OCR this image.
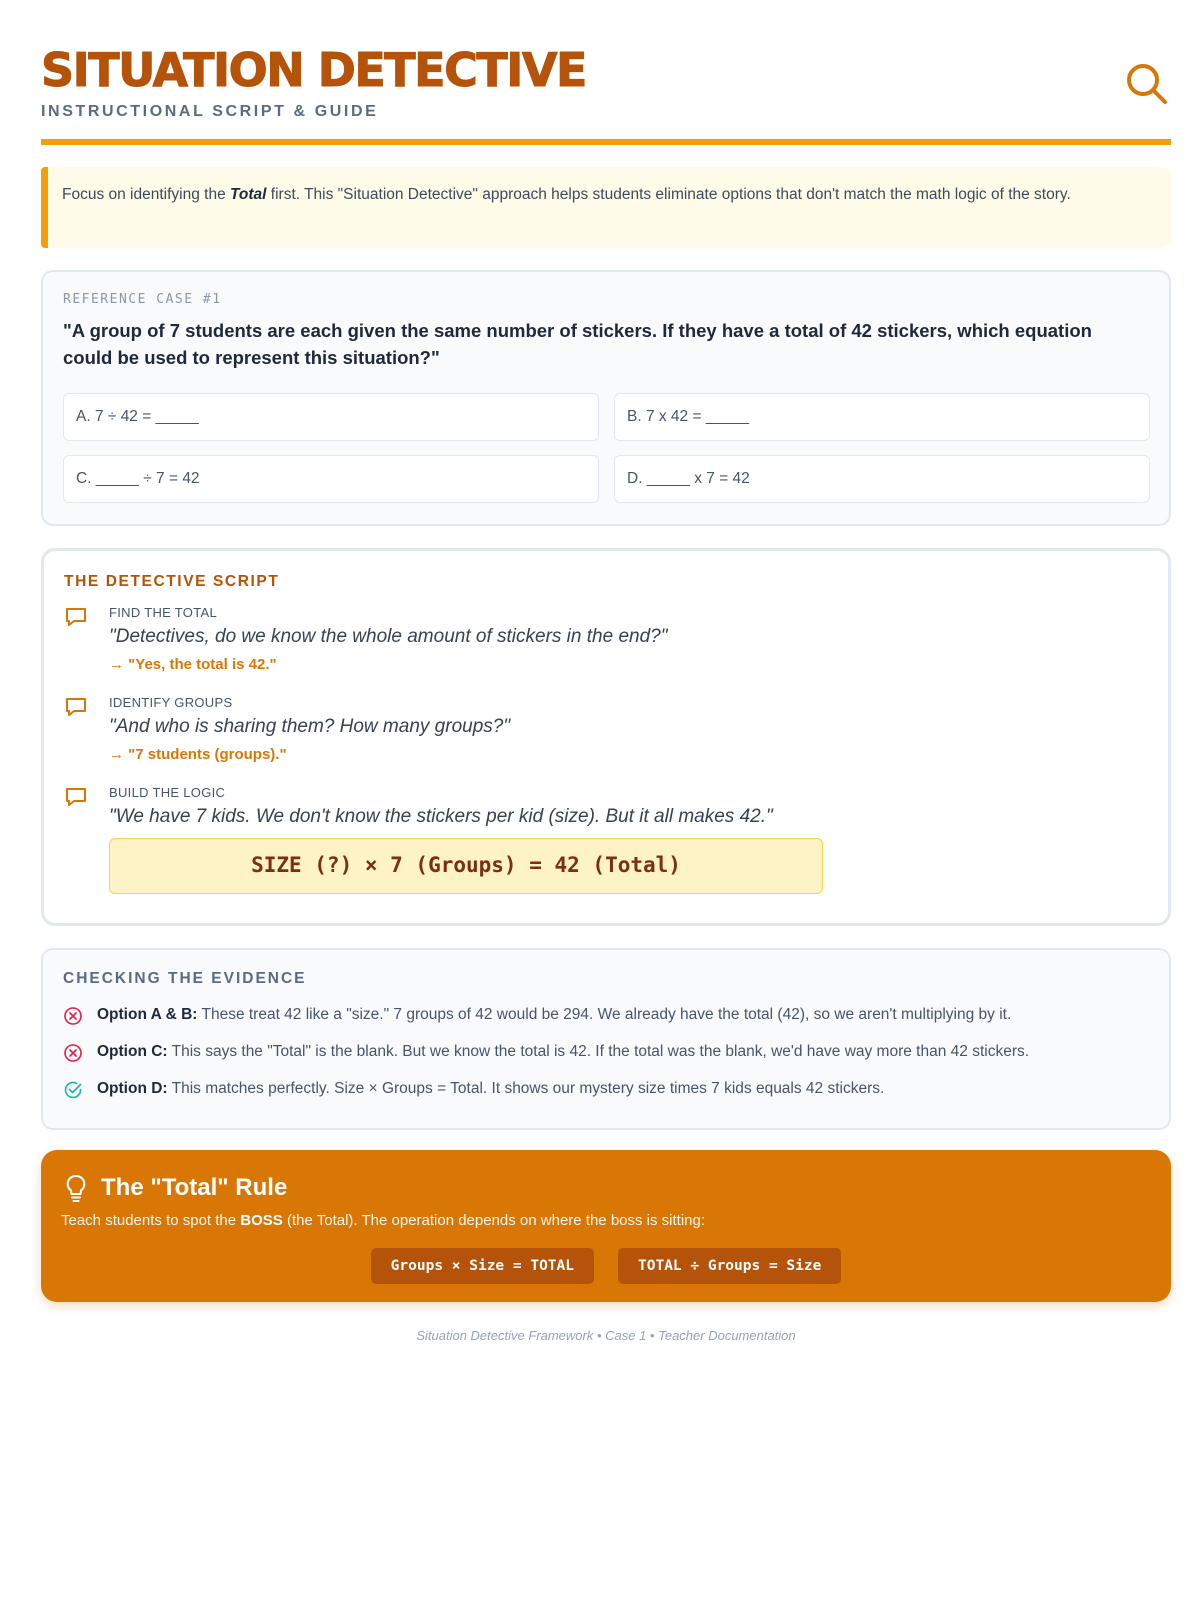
SITUATION DETECTIVE
INSTRUCTIONAL SCRIPT & GUIDE
Focus on identifying the Total first. This "Situation Detective" approach helps students eliminate options that don't match the math logic of the story.
REFERENCE CASE #1
"A group of 7 students are each given the same number of stickers. If they have a total of 42 stickers, which equation could be used to represent this situation?"
A. 7 ÷ 42 = _____	B. 7 x 42 = _____
C. _____ ÷ 7 = 42	D. _____ x 7 = 42
THE DETECTIVE SCRIPT
FIND THE TOTAL
"Detectives, do we know the whole amount of stickers in the end?"
→ "Yes, the total is 42."
IDENTIFY GROUPS
"And who is sharing them? How many groups?"
→ "7 students (groups)."
BUILD THE LOGIC
"We have 7 kids. We don't know the stickers per kid (size). But it all makes 42."
SIZE (?) × 7 (Groups) = 42 (Total)
CHECKING THE EVIDENCE
Option A & B: These treat 42 like a "size." 7 groups of 42 would be 294. We already have the total (42), so we aren't multiplying by it.
Option C: This says the "Total" is the blank. But we know the total is 42. If the total was the blank, we'd have way more than 42 stickers.
Option D: This matches perfectly. Size × Groups = Total. It shows our mystery size times 7 kids equals 42 stickers.
The "Total" Rule
Teach students to spot the BOSS (the Total). The operation depends on where the boss is sitting:
Groups × Size = TOTAL	TOTAL ÷ Groups = Size
Situation Detective Framework • Case 1 • Teacher Documentation
